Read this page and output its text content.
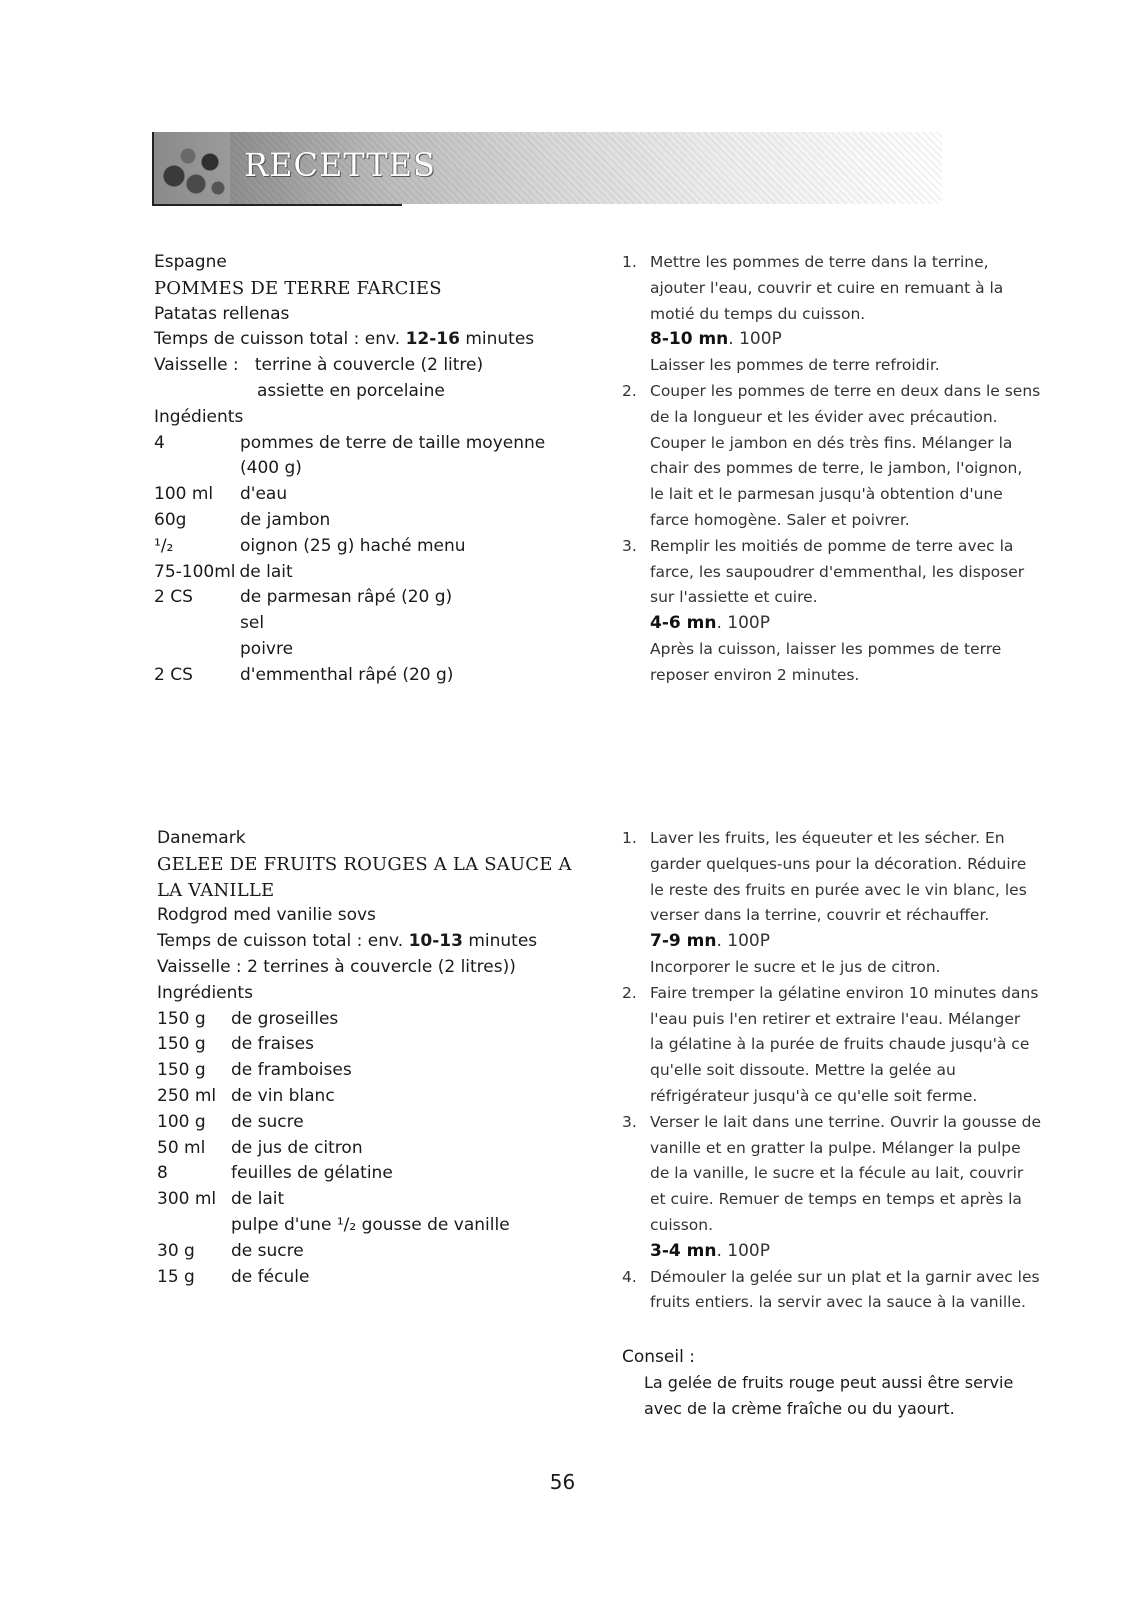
RECETTES
Espagne
POMMES DE TERRE FARCIES
Patatas rellenas
Temps de cuisson total : env. 12-16 minutes
Vaisselle : terrine à couvercle (2 litre)
assiette en porcelaine
Ingédients
4	pommes de terre de taille moyenne
(400 g)
100 ml	d'eau
60g	de jambon
¹/₂	oignon (25 g) haché menu
75-100ml de lait
2 CS	de parmesan râpé (20 g)
sel
poivre
2 CS	d'emmenthal râpé (20 g)
1. Mettre les pommes de terre dans la terrine,
ajouter l'eau, couvrir et cuire en remuant à la
motié du temps du cuisson.
8-10 mn. 100P
Laisser les pommes de terre refroidir.
2. Couper les pommes de terre en deux dans le sens
de la longueur et les évider avec précaution.
Couper le jambon en dés très fins. Mélanger la
chair des pommes de terre, le jambon, l'oignon,
le lait et le parmesan jusqu'à obtention d'une
farce homogène. Saler et poivrer.
3. Remplir les moitiés de pomme de terre avec la
farce, les saupoudrer d'emmenthal, les disposer
sur l'assiette et cuire.
4-6 mn. 100P
Après la cuisson, laisser les pommes de terre
reposer environ 2 minutes.
Danemark
GELEE DE FRUITS ROUGES A LA SAUCE A
LA VANILLE
Rodgrod med vanilie sovs
Temps de cuisson total : env. 10-13 minutes
Vaisselle : 2 terrines à couvercle (2 litres))
Ingrédients
150 g	de groseilles
150 g	de fraises
150 g	de framboises
250 ml de vin blanc
100 g	de sucre
50 ml	de jus de citron
8	feuilles de gélatine
300 ml de lait
pulpe d'une ¹/₂ gousse de vanille
30 g	de sucre
15 g	de fécule
1. Laver les fruits, les équeuter et les sécher. En
garder quelques-uns pour la décoration. Réduire
le reste des fruits en purée avec le vin blanc, les
verser dans la terrine, couvrir et réchauffer.
7-9 mn. 100P
Incorporer le sucre et le jus de citron.
2. Faire tremper la gélatine environ 10 minutes dans
l'eau puis l'en retirer et extraire l'eau. Mélanger
la gélatine à la purée de fruits chaude jusqu'à ce
qu'elle soit dissoute. Mettre la gelée au
réfrigérateur jusqu'à ce qu'elle soit ferme.
3. Verser le lait dans une terrine. Ouvrir la gousse de
vanille et en gratter la pulpe. Mélanger la pulpe
de la vanille, le sucre et la fécule au lait, couvrir
et cuire. Remuer de temps en temps et après la
cuisson.
3-4 mn. 100P
4. Démouler la gelée sur un plat et la garnir avec les
fruits entiers. la servir avec la sauce à la vanille.
Conseil :
La gelée de fruits rouge peut aussi être servie
avec de la crème fraîche ou du yaourt.
56
